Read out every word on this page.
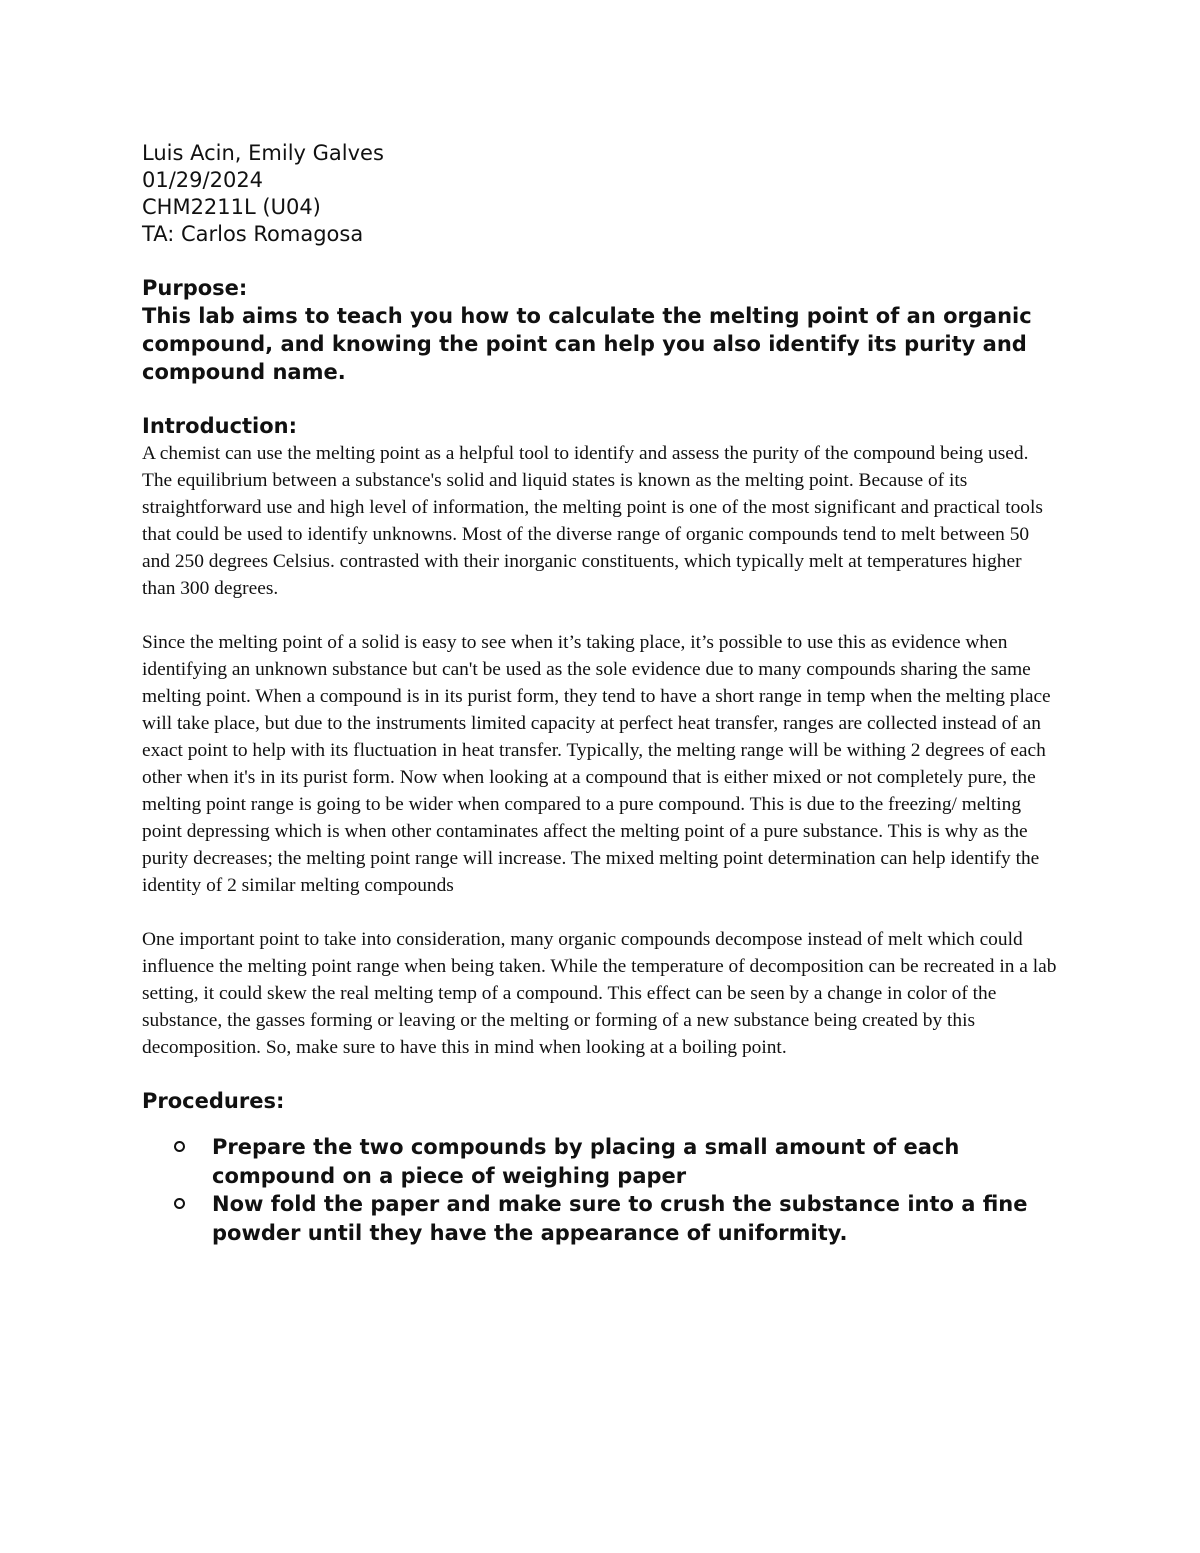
Luis Acin, Emily Galves

01/29/2024

CHM2211L (U04)

TA: Carlos Romagosa

Purpose:

This lab aims to teach you how to calculate the melting point of an organic compound, and knowing the point can help you also identify its purity and compound name.

Introduction:

A chemist can use the melting point as a helpful tool to identify and assess the purity of the compound being used. The equilibrium between a substance's solid and liquid states is known as the melting point. Because of its straightforward use and high level of information, the melting point is one of the most significant and practical tools that could be used to identify unknowns. Most of the diverse range of organic compounds tend to melt between 50 and 250 degrees Celsius. contrasted with their inorganic constituents, which typically melt at temperatures higher than 300 degrees.

Since the melting point of a solid is easy to see when it’s taking place, it’s possible to use this as evidence when identifying an unknown substance but can't be used as the sole evidence due to many compounds sharing the same melting point. When a compound is in its purist form, they tend to have a short range in temp when the melting place will take place, but due to the instruments limited capacity at perfect heat transfer, ranges are collected instead of an exact point to help with its fluctuation in heat transfer. Typically, the melting range will be withing 2 degrees of each other when it's in its purist form. Now when looking at a compound that is either mixed or not completely pure, the melting point range is going to be wider when compared to a pure compound. This is due to the freezing/ melting point depressing which is when other contaminates affect the melting point of a pure substance. This is why as the purity decreases; the melting point range will increase. The mixed melting point determination can help identify the identity of 2 similar melting compounds

One important point to take into consideration, many organic compounds decompose instead of melt which could influence the melting point range when being taken. While the temperature of decomposition can be recreated in a lab setting, it could skew the real melting temp of a compound. This effect can be seen by a change in color of the substance, the gasses forming or leaving or the melting or forming of a new substance being created by this decomposition. So, make sure to have this in mind when looking at a boiling point.

Procedures:
Prepare the two compounds by placing a small amount of each compound on a piece of weighing paper
Now fold the paper and make sure to crush the substance into a fine powder until they have the appearance of uniformity.
